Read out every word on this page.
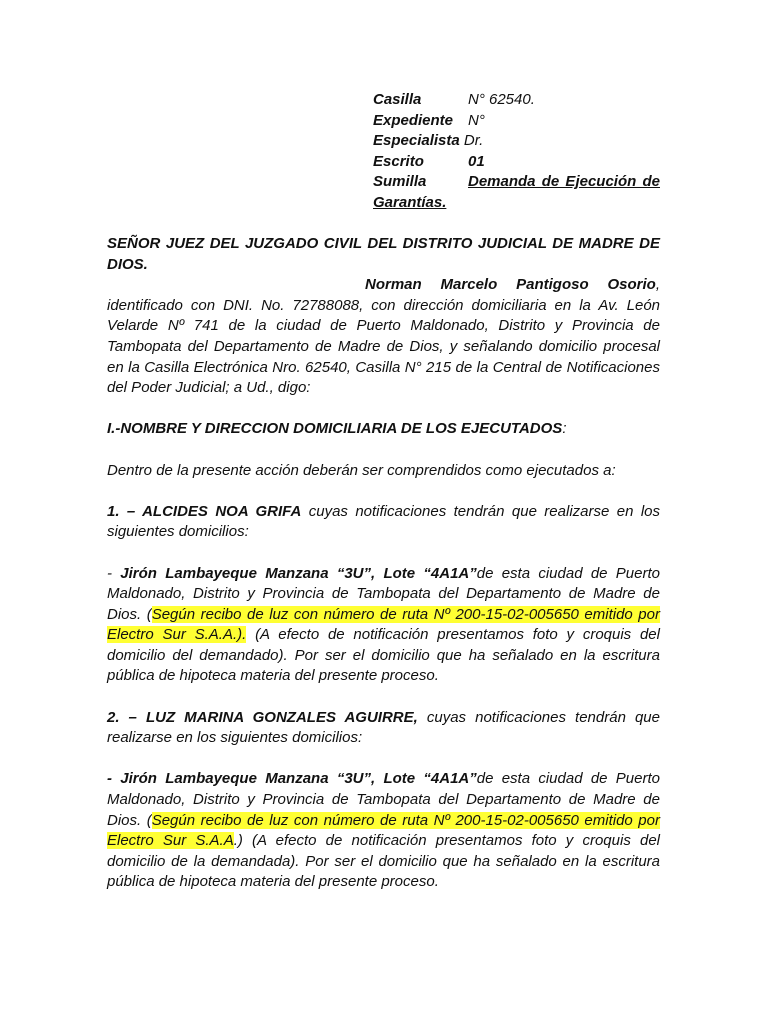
Casilla	N° 62540.
Expediente N°
Especialista Dr.
Escrito	01
Sumilla	Demanda de Ejecución de
Garantías.

SEÑOR JUEZ DEL JUZGADO CIVIL DEL DISTRITO JUDICIAL DE MADRE DE DIOS.

Norman Marcelo Pantigoso Osorio, identificado con DNI. No. 72788088, con dirección domiciliaria en la Av. León Velarde Nº 741 de la ciudad de Puerto Maldonado, Distrito y Provincia de Tambopata del Departamento de Madre de Dios, y señalando domicilio procesal en la Casilla Electrónica Nro. 62540, Casilla N° 215 de la Central de Notificaciones del Poder Judicial; a Ud., digo:

I.-NOMBRE Y DIRECCION DOMICILIARIA DE LOS EJECUTADOS:

Dentro de la presente acción deberán ser comprendidos como ejecutados a:

1. – ALCIDES NOA GRIFA cuyas notificaciones tendrán que realizarse en los siguientes domicilios:

- Jirón Lambayeque Manzana “3U”, Lote “4A1A”de esta ciudad de Puerto Maldonado, Distrito y Provincia de Tambopata del Departamento de Madre de Dios. (Según recibo de luz con número de ruta Nº 200-15-02-005650 emitido por Electro Sur S.A.A.). (A efecto de notificación presentamos foto y croquis del domicilio del demandado). Por ser el domicilio que ha señalado en la escritura pública de hipoteca materia del presente proceso.

2. – LUZ MARINA GONZALES AGUIRRE, cuyas notificaciones tendrán que realizarse en los siguientes domicilios:

- Jirón Lambayeque Manzana “3U”, Lote “4A1A”de esta ciudad de Puerto Maldonado, Distrito y Provincia de Tambopata del Departamento de Madre de Dios. (Según recibo de luz con número de ruta Nº 200-15-02-005650 emitido por Electro Sur S.A.A.) (A efecto de notificación presentamos foto y croquis del domicilio de la demandada). Por ser el domicilio que ha señalado en la escritura pública de hipoteca materia del presente proceso.
